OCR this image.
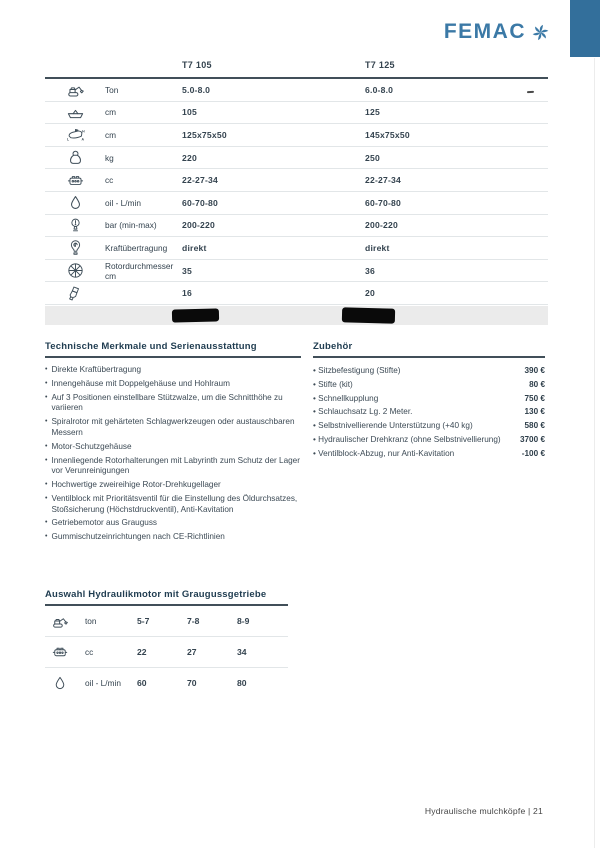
FEMAC
T7 105	T7 125
Ton	5.0-8.0	6.0-8.0
cm	105	125
cm	125x75x50	145x75x50
kg	220	250
cc	22-27-34	22-27-34
oil - L/min	60-70-80	60-70-80
bar (min-max)	200-220	200-220
Kraftübertragung	direkt	direkt
Rotordurchmesser cm	35	36
16	20
Technische Merkmale und Serienausstattung
• Direkte Kraftübertragung
• Innengehäuse mit Doppelgehäuse und Hohlraum
• Auf 3 Positionen einstellbare Stützwalze, um die Schnitthöhe zu variieren
• Spiralrotor mit gehärteten Schlagwerkzeugen oder austauschbaren Messern
• Motor-Schutzgehäuse
• Innenliegende Rotorhalterungen mit Labyrinth zum Schutz der Lager vor Verunreinigungen
• Hochwertige zweireihige Rotor-Drehkugellager
• Ventilblock mit Prioritätsventil für die Einstellung des Öldurchsatzes, Stoßsicherung (Höchstdruckventil), Anti-Kavitation
• Getriebemotor aus Grauguss
• Gummischutzeinrichtungen nach CE-Richtlinien
Zubehör
• Sitzbefestigung (Stifte)	390 €
• Stifte (kit)	80 €
• Schnellkupplung	750 €
• Schlauchsatz Lg. 2 Meter.	130 €
• Selbstnivellierende Unterstützung (+40 kg)	580 €
• Hydraulischer Drehkranz (ohne Selbstnivellierung) 3700 €
• Ventilblock-Abzug, nur Anti-Kavitation	-100 €
Auswahl Hydraulikmotor mit Graugussgetriebe
ton	5-7	7-8	8-9
cc	22	27	34
oil - L/min	60	70	80
Hydraulische mulchköpfe | 21
